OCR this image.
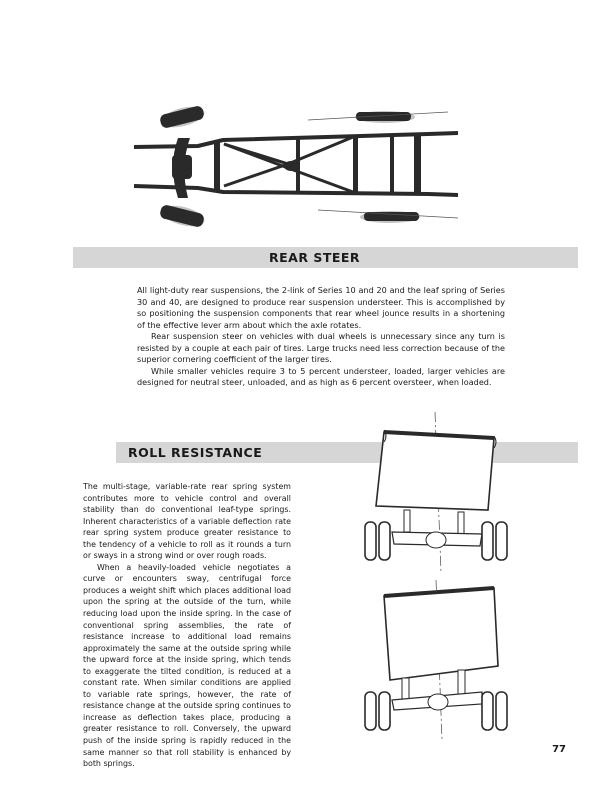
REAR STEER

All light-duty rear suspensions, the 2-link of Series 10 and 20 and the leaf spring of Series 30 and 40, are designed to produce rear suspension understeer. This is accomplished by so positioning the suspension components that rear wheel jounce results in a shortening of the effective lever arm about which the axle rotates.

Rear suspension steer on vehicles with dual wheels is unnecessary since any turn is resisted by a couple at each pair of tires. Large trucks need less correction because of the superior cornering coefficient of the larger tires.

While smaller vehicles require 3 to 5 percent understeer, loaded, larger vehicles are designed for neutral steer, unloaded, and as high as 6 percent oversteer, when loaded.

ROLL RESISTANCE

The multi-stage, variable-rate rear spring system contributes more to vehicle control and overall stability than do conventional leaf-type springs. Inherent characteristics of a variable deflection rate rear spring system produce greater resistance to the tendency of a vehicle to roll as it rounds a turn or sways in a strong wind or over rough roads.

When a heavily-loaded vehicle negotiates a curve or encounters sway, centrifugal force produces a weight shift which places additional load upon the spring at the outside of the turn, while reducing load upon the inside spring. In the case of conventional spring assemblies, the rate of resistance increase to additional load remains approximately the same at the outside spring while the upward force at the inside spring, which tends to exaggerate the tilted condition, is reduced at a constant rate. When similar conditions are applied to variable rate springs, however, the rate of resistance change at the outside spring continues to increase as deflection takes place, producing a greater resistance to roll. Conversely, the upward push of the inside spring is rapidly reduced in the same manner so that roll stability is enhanced by both springs.

77
